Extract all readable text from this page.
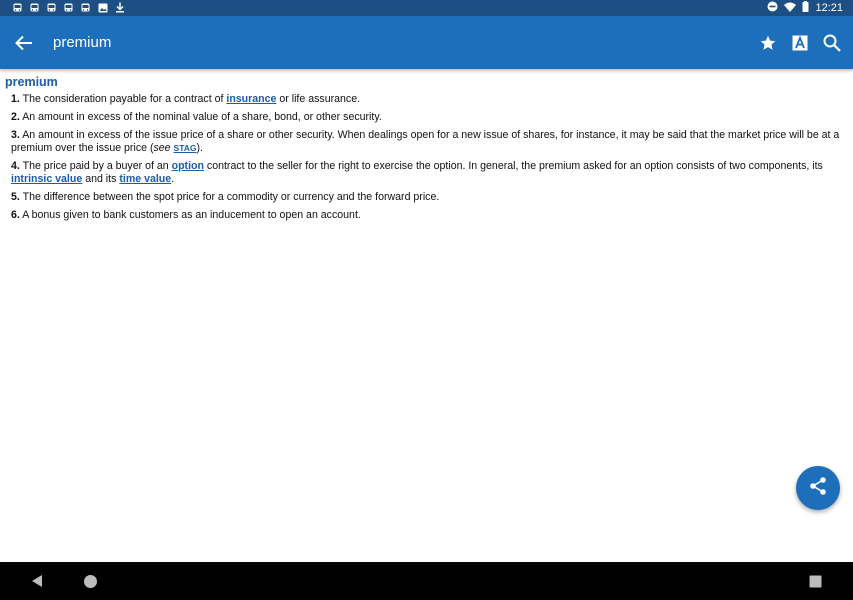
12:21
premium
premium
1. The consideration payable for a contract of insurance or life assurance.
2. An amount in excess of the nominal value of a share, bond, or other security.
3. An amount in excess of the issue price of a share or other security. When dealings open for a new issue of shares, for instance, it may be said that the market price will be at a premium over the issue price (see STAG).
4. The price paid by a buyer of an option contract to the seller for the right to exercise the option. In general, the premium asked for an option consists of two components, its intrinsic value and its time value.
5. The difference between the spot price for a commodity or currency and the forward price.
6. A bonus given to bank customers as an inducement to open an account.
